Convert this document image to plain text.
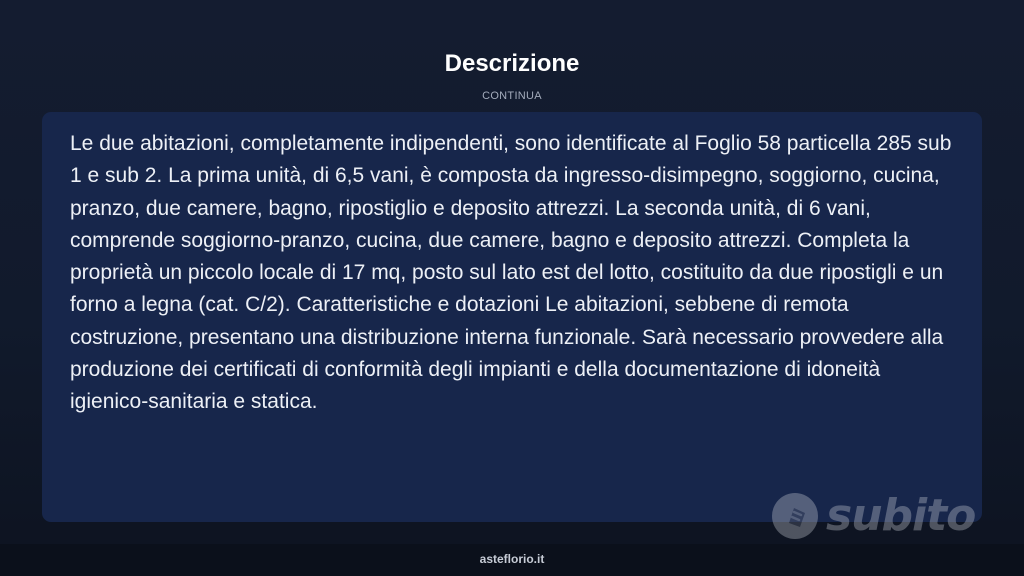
Descrizione
CONTINUA

Le due abitazioni, completamente indipendenti, sono identificate al Foglio 58 particella 285 sub 1 e sub 2. La prima unità, di 6,5 vani, è composta da ingresso-disimpegno, soggiorno, cucina, pranzo, due camere, bagno, ripostiglio e deposito attrezzi. La seconda unità, di 6 vani, comprende soggiorno-pranzo, cucina, due camere, bagno e deposito attrezzi. Completa la proprietà un piccolo locale di 17 mq, posto sul lato est del lotto, costituito da due ripostigli e un forno a legna (cat. C/2). Caratteristiche e dotazioni Le abitazioni, sebbene di remota costruzione, presentano una distribuzione interna funzionale. Sarà necessario provvedere alla produzione dei certificati di conformità degli impianti e della documentazione di idoneità igienico-sanitaria e statica.

subito
asteflorio.it
